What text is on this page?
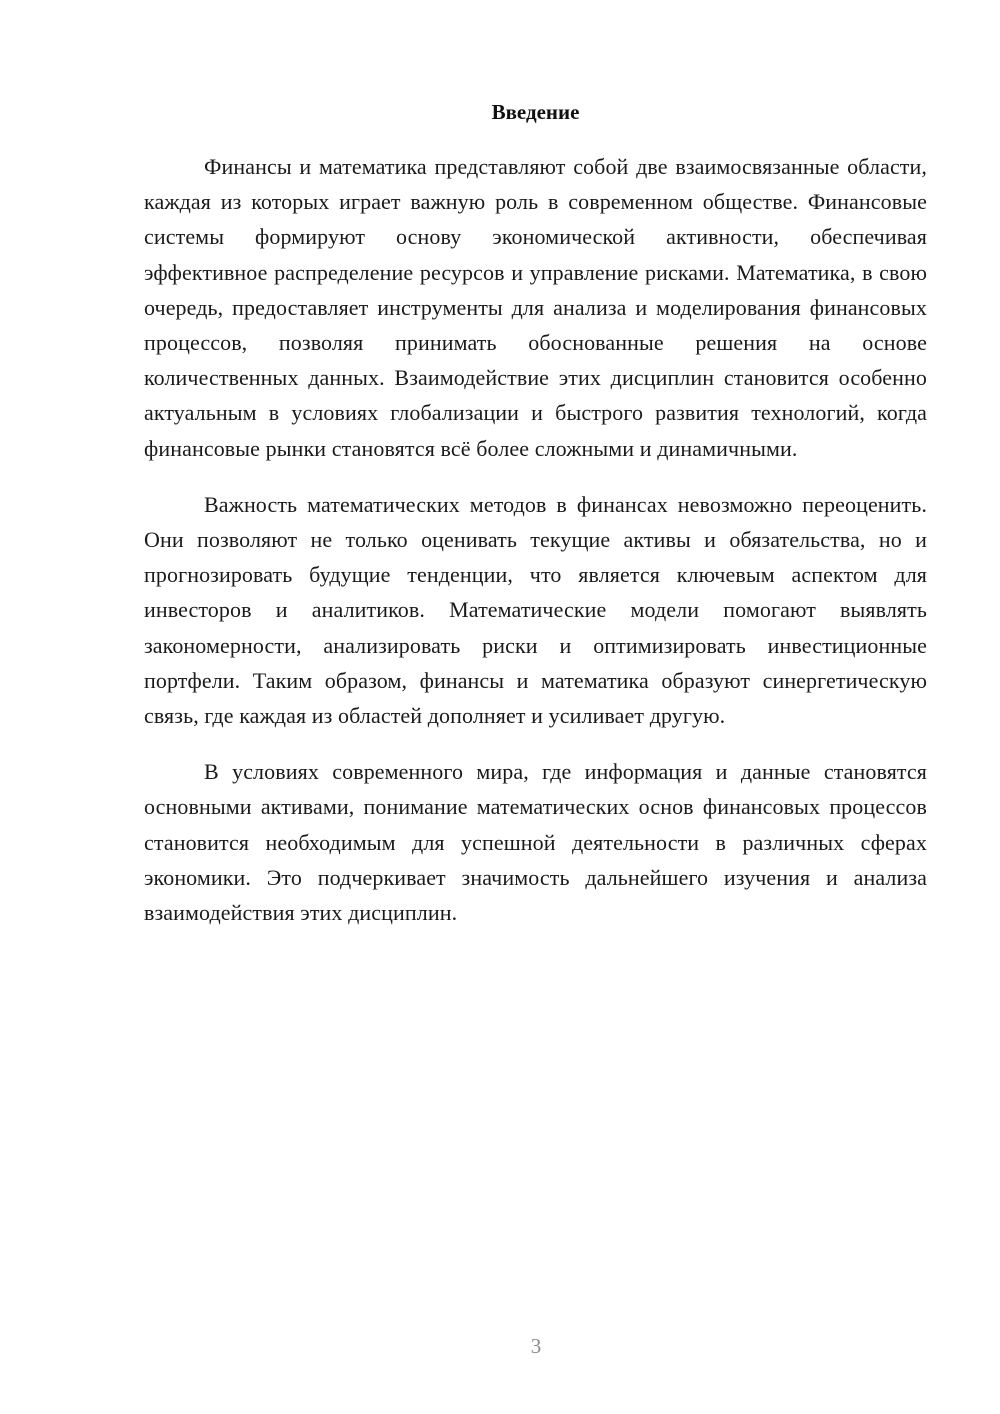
Введение

Финансы и математика представляют собой две взаимосвязанные области, каждая из которых играет важную роль в современном обществе. Финансовые системы формируют основу экономической активности, обеспечивая эффективное распределение ресурсов и управление рисками. Математика, в свою очередь, предоставляет инструменты для анализа и моделирования финансовых процессов, позволяя принимать обоснованные решения на основе количественных данных. Взаимодействие этих дисциплин становится особенно актуальным в условиях глобализации и быстрого развития технологий, когда финансовые рынки становятся всё более сложными и динамичными.

Важность математических методов в финансах невозможно переоценить. Они позволяют не только оценивать текущие активы и обязательства, но и прогнозировать будущие тенденции, что является ключевым аспектом для инвесторов и аналитиков. Математические модели помогают выявлять закономерности, анализировать риски и оптимизировать инвестиционные портфели. Таким образом, финансы и математика образуют синергетическую связь, где каждая из областей дополняет и усиливает другую.

В условиях современного мира, где информация и данные становятся основными активами, понимание математических основ финансовых процессов становится необходимым для успешной деятельности в различных сферах экономики. Это подчеркивает значимость дальнейшего изучения и анализа взаимодействия этих дисциплин.

3
